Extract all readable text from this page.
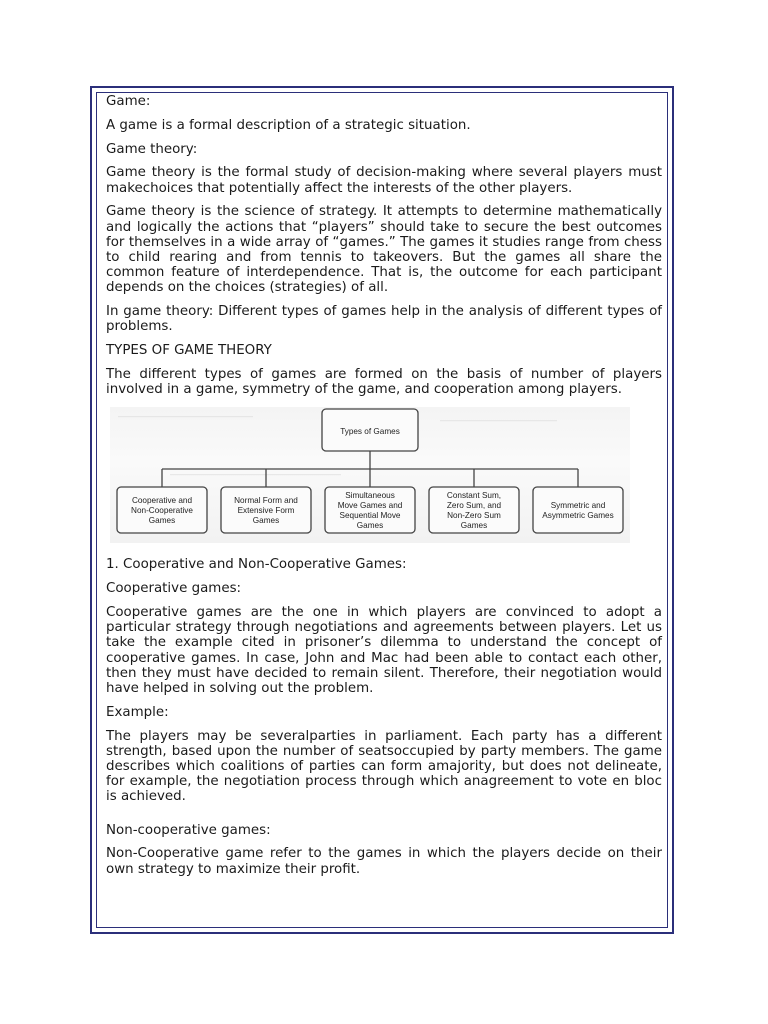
Game:

A game is a formal description of a strategic situation.

Game theory:

Game theory is the formal study of decision-making where several players must makechoices that potentially affect the interests of the other players.

Game theory is the science of strategy. It attempts to determine mathematically and logically the actions that “players” should take to secure the best outcomes for themselves in a wide array of “games.” The games it studies range from chess to child rearing and from tennis to takeovers. But the games all share the common feature of interdependence. That is, the outcome for each participant depends on the choices (strategies) of all.

In game theory: Different types of games help in the analysis of different types of problems.

TYPES OF GAME THEORY

The different types of games are formed on the basis of number of players involved in a game, symmetry of the game, and cooperation among players.

———————————————	—————————————
———————————————————
Types of Games
Cooperative and
Non-Cooperative
Games
Normal Form and
Extensive Form
Games
Simultaneous
Move Games and
Sequential Move
Games
Constant Sum,
Zero Sum, and
Non-Zero Sum
Games
Symmetric and
Asymmetric Games

1. Cooperative and Non-Cooperative Games:

Cooperative games:

Cooperative games are the one in which players are convinced to adopt a particular strategy through negotiations and agreements between players. Let us take the example cited in prisoner’s dilemma to understand the concept of cooperative games. In case, John and Mac had been able to contact each other, then they must have decided to remain silent. Therefore, their negotiation would have helped in solving out the problem.

Example:

The players may be severalparties in parliament. Each party has a different strength, based upon the number of seatsoccupied by party members. The game describes which coalitions of parties can form amajority, but does not delineate, for example, the negotiation process through which anagreement to vote en bloc is achieved.

Non-cooperative games:

Non-Cooperative game refer to the games in which the players decide on their own strategy to maximize their profit.
